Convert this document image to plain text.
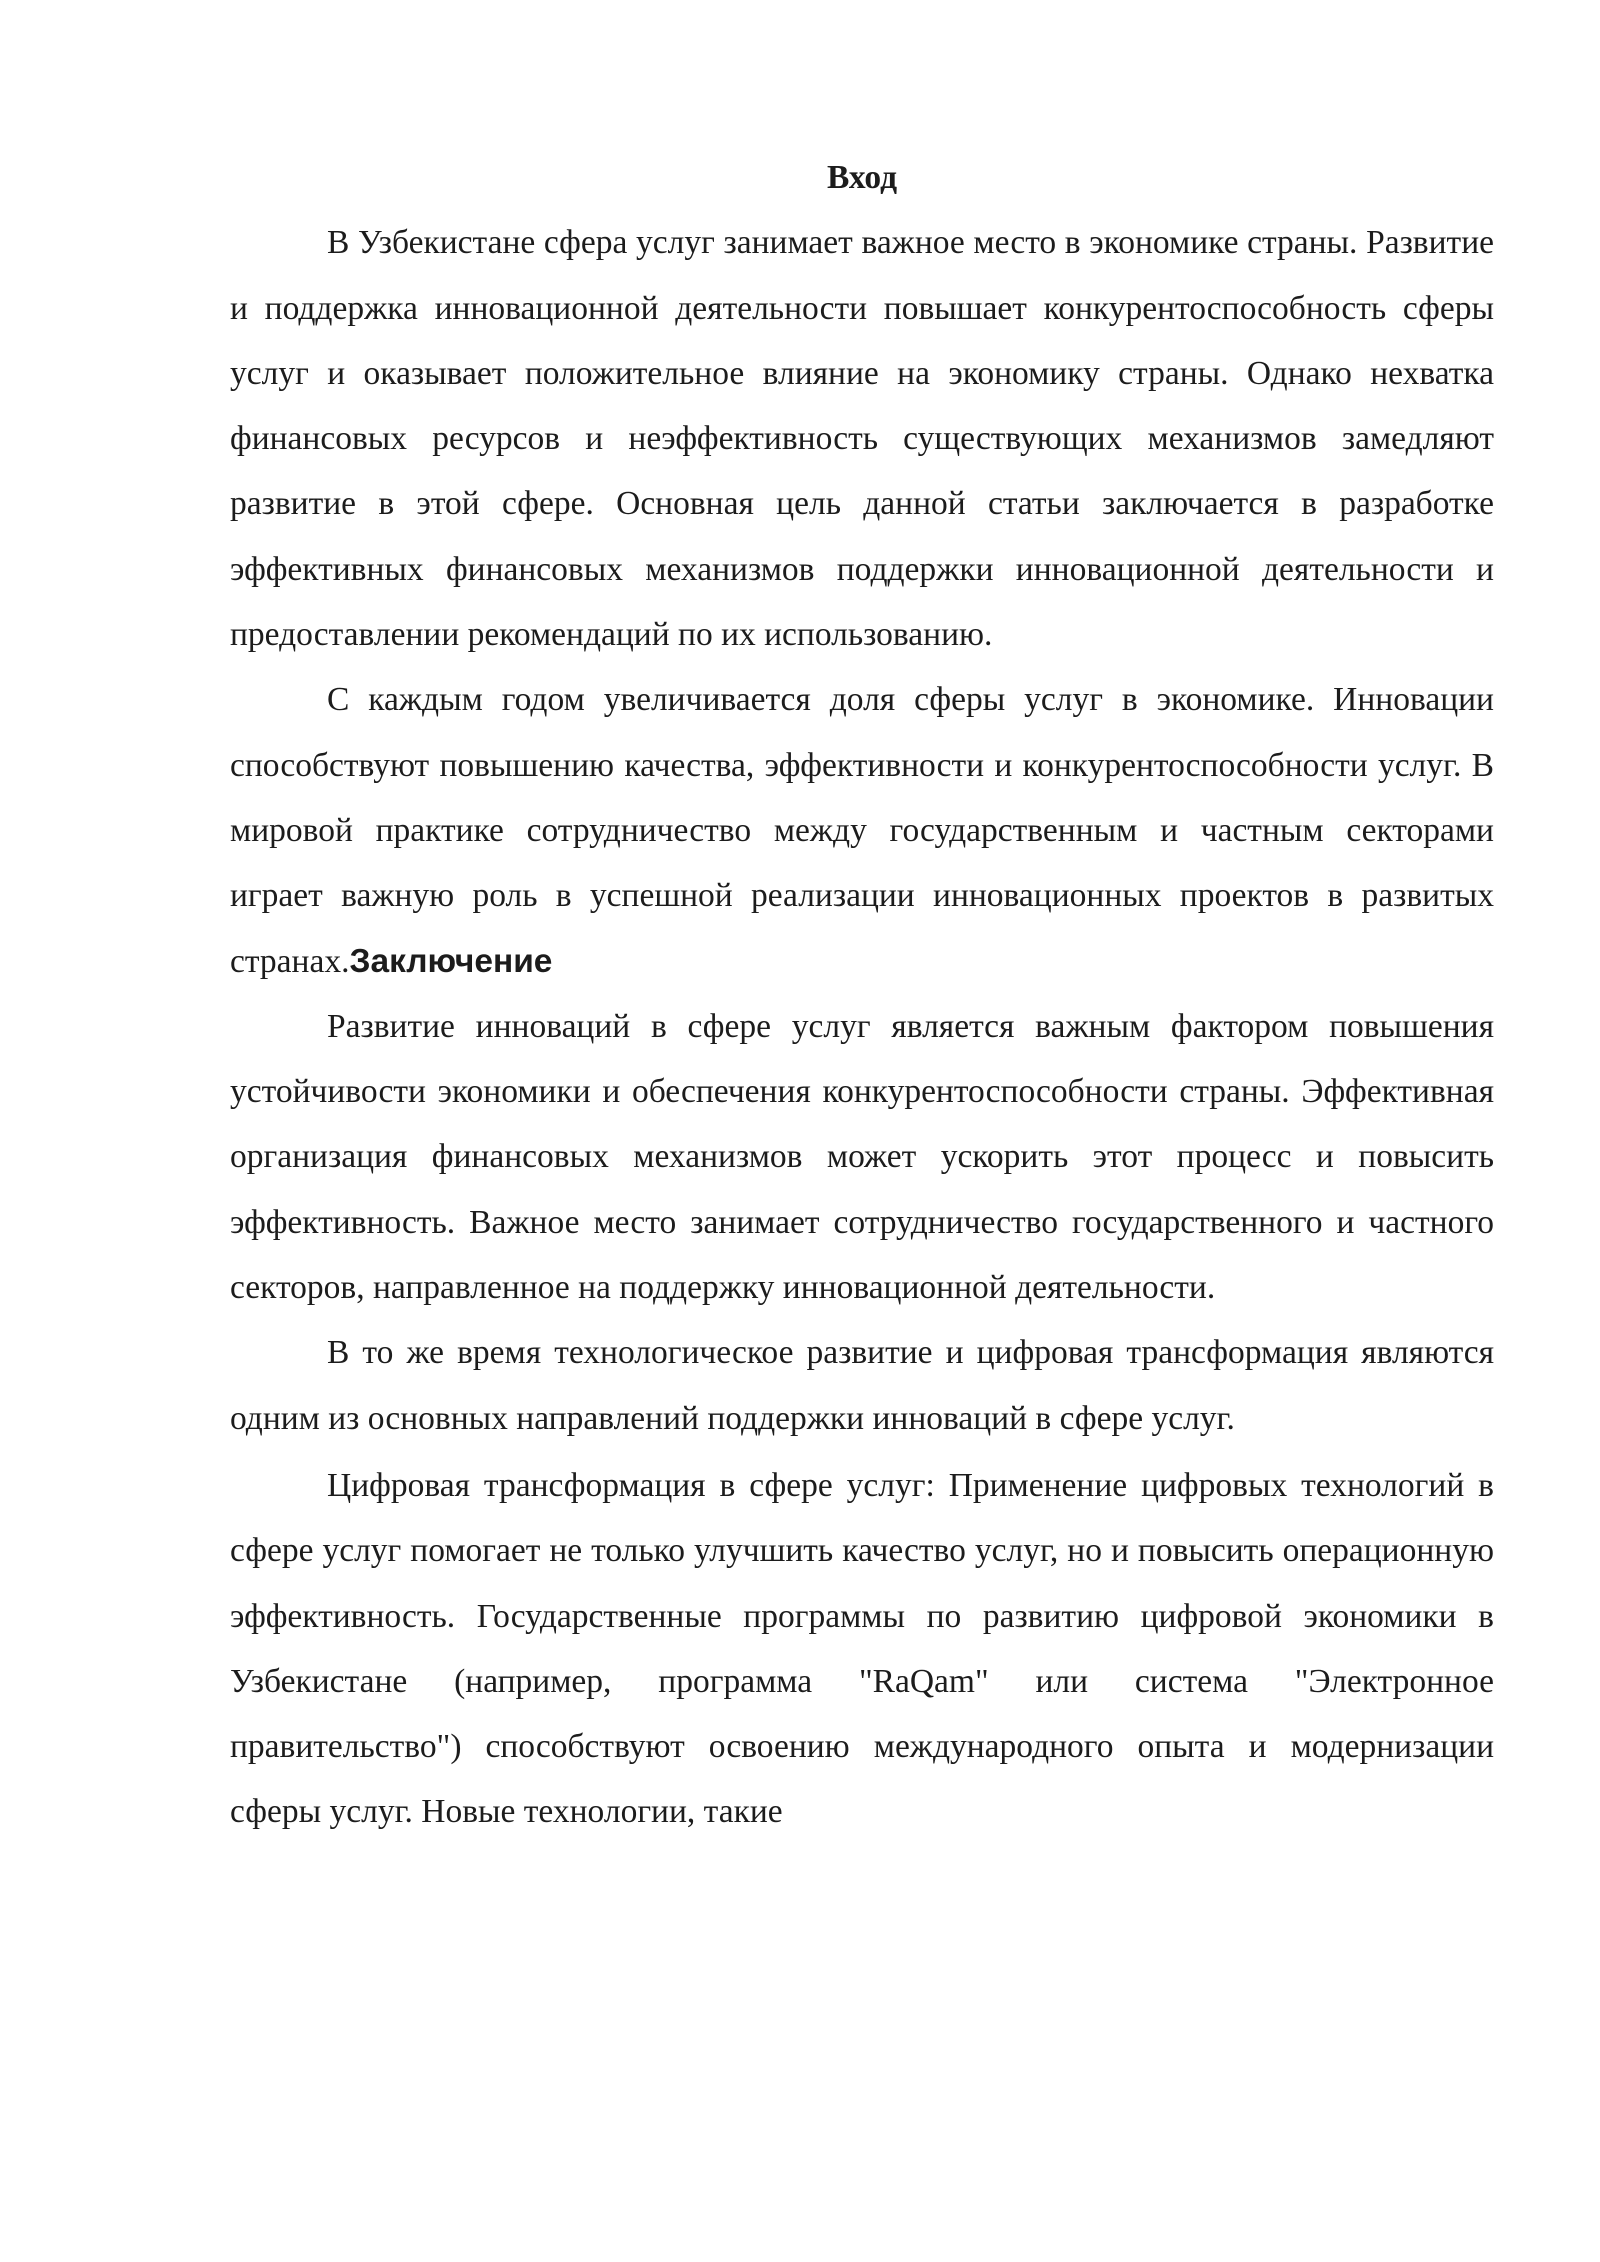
Вход

В Узбекистане сфера услуг занимает важное место в экономике страны. Развитие и поддержка инновационной деятельности повышает конкурентоспособность сферы услуг и оказывает положительное влияние на экономику страны. Однако нехватка финансовых ресурсов и неэффективность существующих механизмов замедляют развитие в этой сфере. Основная цель данной статьи заключается в разработке эффективных финансовых механизмов поддержки инновационной деятельности и предоставлении рекомендаций по их использованию.

С каждым годом увеличивается доля сферы услуг в экономике. Инновации способствуют повышению качества, эффективности и конкурентоспособности услуг. В мировой практике сотрудничество между государственным и частным секторами играет важную роль в успешной реализации инновационных проектов в развитых странах.Заключение

Развитие инноваций в сфере услуг является важным фактором повышения устойчивости экономики и обеспечения конкурентоспособности страны. Эффективная организация финансовых механизмов может ускорить этот процесс и повысить эффективность. Важное место занимает сотрудничество государственного и частного секторов, направленное на поддержку инновационной деятельности.

В то же время технологическое развитие и цифровая трансформация являются одним из основных направлений поддержки инноваций в сфере услуг.

Цифровая трансформация в сфере услуг: Применение цифровых технологий в сфере услуг помогает не только улучшить качество услуг, но и повысить операционную эффективность. Государственные программы по развитию цифровой экономики в Узбекистане (например, программа "RaQam" или система "Электронное правительство") способствуют освоению международного опыта и модернизации сферы услуг. Новые технологии, такие
